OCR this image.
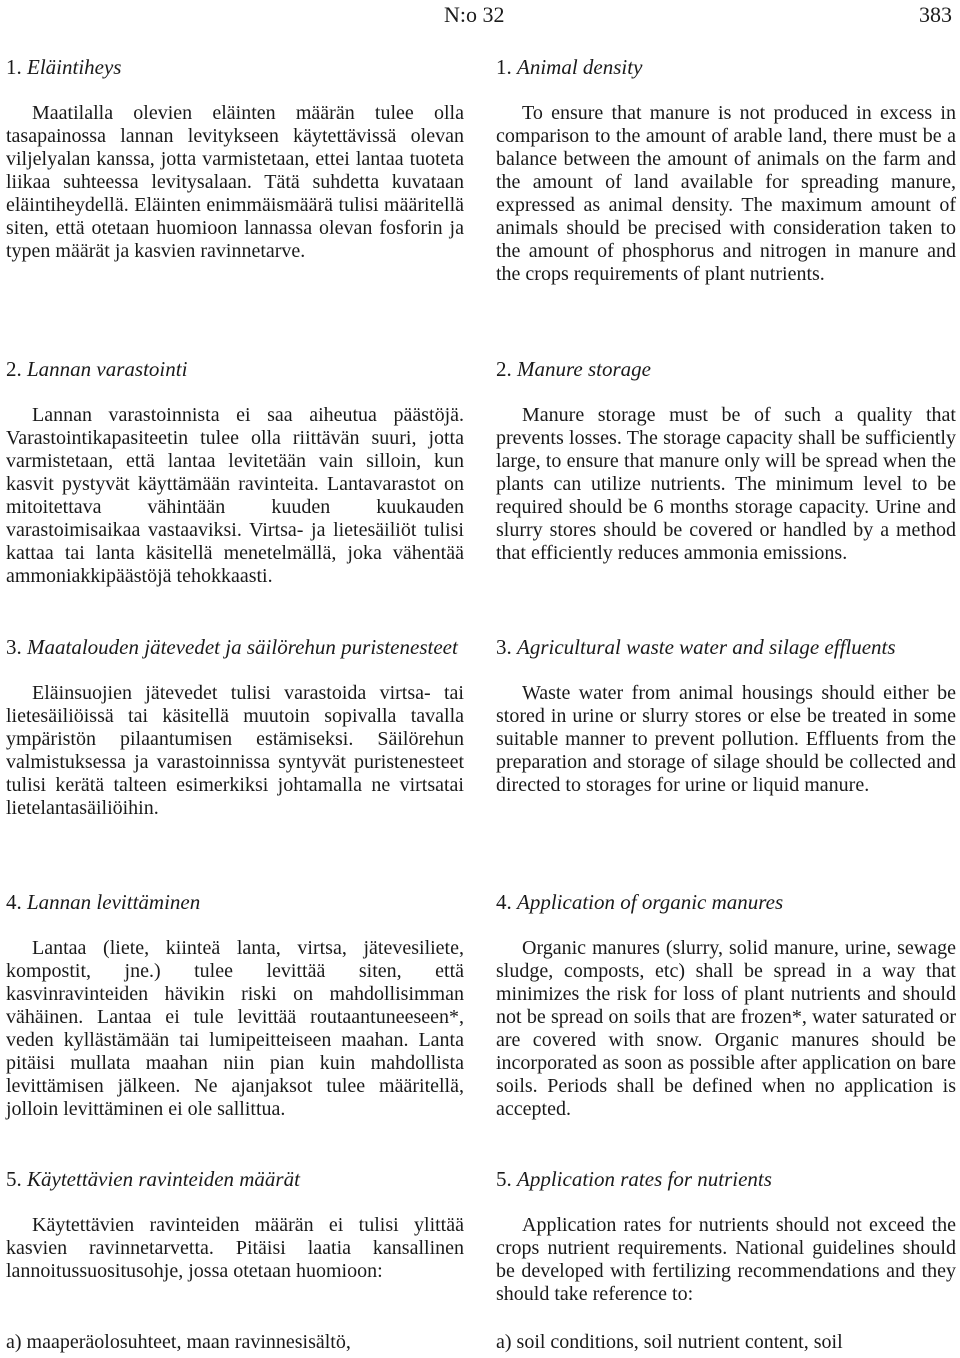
N:o 32	383

1. Eläintiheys

Maatilalla olevien eläinten määrän tulee olla tasapainossa lannan levitykseen käytettävissä olevan viljelyalan kanssa, jotta varmistetaan, ettei lantaa tuoteta liikaa suhteessa levitysalaan. Tätä suhdetta kuvataan eläintiheydellä. Eläinten enimmäismäärä tulisi määritellä siten, että otetaan huomioon lannassa olevan fosforin ja typen määrät ja kasvien ravinnetarve.

2. Lannan varastointi

Lannan varastoinnista ei saa aiheutua päästöjä. Varastointikapasiteetin tulee olla riittävän suuri, jotta varmistetaan, että lantaa levitetään vain silloin, kun kasvit pystyvät käyttämään ravinteita. Lantavarastot on mitoitettava vähintään kuuden kuukauden varastoimisaikaa vastaaviksi. Virtsa- ja lietesäiliöt tulisi kattaa tai lanta käsitellä menetelmällä, joka vähentää ammoniakkipäästöjä tehokkaasti.

3. Maatalouden jätevedet ja säilörehun puristenesteet

Eläinsuojien jätevedet tulisi varastoida virtsa- tai lietesäiliöissä tai käsitellä muutoin sopivalla tavalla ympäristön pilaantumisen estämiseksi. Säilörehun valmistuksessa ja varastoinnissa syntyvät puristenesteet tulisi kerätä talteen esimerkiksi johtamalla ne virtsatai lietelantasäiliöihin.

4. Lannan levittäminen

Lantaa (liete, kiinteä lanta, virtsa, jätevesiliete, kompostit, jne.) tulee levittää siten, että kasvinravinteiden hävikin riski on mahdollisimman vähäinen. Lantaa ei tule levittää routaantuneeseen*, veden kyllästämään tai lumipeitteiseen maahan. Lanta pitäisi mullata maahan niin pian kuin mahdollista levittämisen jälkeen. Ne ajanjaksot tulee määritellä, jolloin levittäminen ei ole sallittua.

5. Käytettävien ravinteiden määrät

Käytettävien ravinteiden määrän ei tulisi ylittää kasvien ravinnetarvetta. Pitäisi laatia kansallinen lannoitussuositusohje, jossa otetaan huomioon:

a) maaperäolosuhteet, maan ravinnesisältö,

1. Animal density

To ensure that manure is not produced in excess in comparison to the amount of arable land, there must be a balance between the amount of animals on the farm and the amount of land available for spreading manure, expressed as animal density. The maximum amount of animals should be precised with consideration taken to the amount of phosphorus and nitrogen in manure and the crops requirements of plant nutrients.

2. Manure storage

Manure storage must be of such a quality that prevents losses. The storage capacity shall be sufficiently large, to ensure that manure only will be spread when the plants can utilize nutrients. The minimum level to be required should be 6 months storage capacity. Urine and slurry stores should be covered or handled by a method that efficiently reduces ammonia emissions.

3. Agricultural waste water and silage effluents

Waste water from animal housings should either be stored in urine or slurry stores or else be treated in some suitable manner to prevent pollution. Effluents from the preparation and storage of silage should be collected and directed to storages for urine or liquid manure.

4. Application of organic manures

Organic manures (slurry, solid manure, urine, sewage sludge, composts, etc) shall be spread in a way that minimizes the risk for loss of plant nutrients and should not be spread on soils that are frozen*, water saturated or are covered with snow. Organic manures should be incorporated as soon as possible after application on bare soils. Periods shall be defined when no application is accepted.

5. Application rates for nutrients

Application rates for nutrients should not exceed the crops nutrient requirements. National guidelines should be developed with fertilizing recommendations and they should take reference to:

a) soil conditions, soil nutrient content, soil
